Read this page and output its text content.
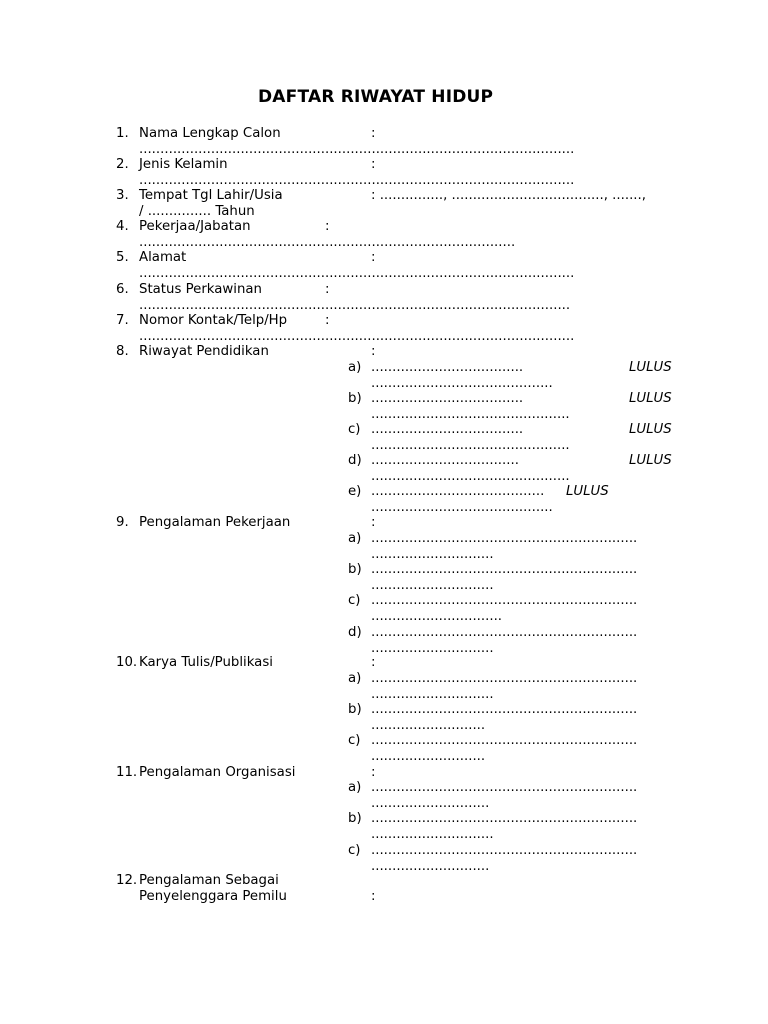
DAFTAR RIWAYAT HIDUP
1. Nama Lengkap Calon	:
.......................................................................................................
2. Jenis Kelamin	:
.......................................................................................................
3. Tempat Tgl Lahir/Usia	: ..............., ...................................., .......,
/ ............... Tahun
4. Pekerjaa/Jabatan	:
.........................................................................................
5. Alamat	:
.......................................................................................................
6. Status Perkawinan	:
......................................................................................................
7. Nomor Kontak/Telp/Hp	:
.......................................................................................................
8. Riwayat Pendidikan	:
a) ....................................	LULUS
...........................................
b) ....................................	LULUS
...............................................
c) ....................................	LULUS
...............................................
d) ...................................	LULUS
...............................................
e) ......................................... LULUS
...........................................
9. Pengalaman Pekerjaan	:
a) ...............................................................
.............................
b) ...............................................................
.............................
c) ...............................................................
...............................
d) ...............................................................
.............................
10. Karya Tulis/Publikasi	:
a) ...............................................................
.............................
b) ...............................................................
...........................
c) ...............................................................
...........................
11. Pengalaman Organisasi	:
a) ...............................................................
............................
b) ...............................................................
.............................
c) ...............................................................
............................
12. Pengalaman Sebagai
Penyelenggara Pemilu	:
